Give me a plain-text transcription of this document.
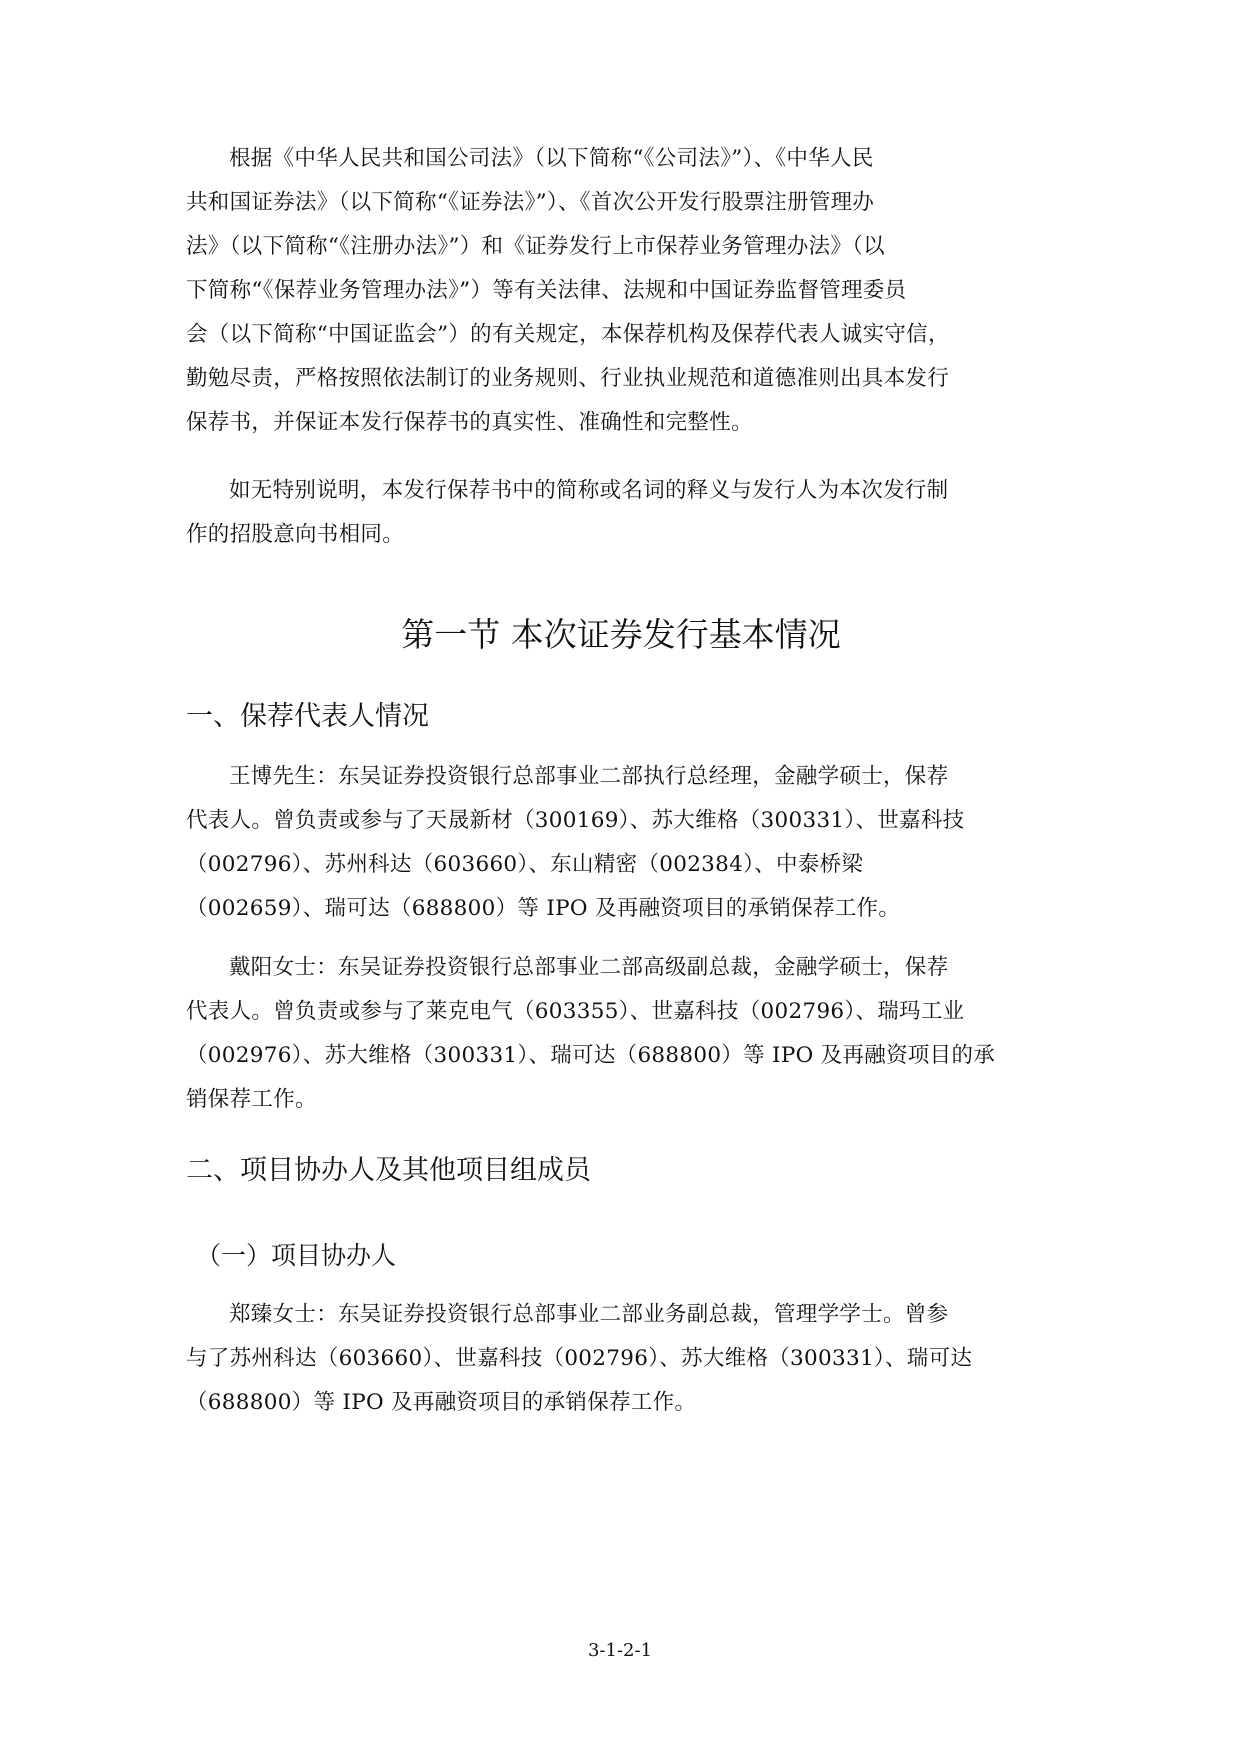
根据《中华人民共和国公司法》（以下简称“《公司法》”）、《中华人民
共和国证券法》（以下简称“《证券法》”）、《首次公开发行股票注册管理办
法》（以下简称“《注册办法》”）和《证券发行上市保荐业务管理办法》（以
下简称“《保荐业务管理办法》”）等有关法律、法规和中国证券监督管理委员
会（以下简称“中国证监会”）的有关规定，本保荐机构及保荐代表人诚实守信，
勤勉尽责，严格按照依法制订的业务规则、行业执业规范和道德准则出具本发行
保荐书，并保证本发行保荐书的真实性、准确性和完整性。
如无特别说明，本发行保荐书中的简称或名词的释义与发行人为本次发行制
作的招股意向书相同。
第一节 本次证券发行基本情况
一、保荐代表人情况
王博先生：东吴证券投资银行总部事业二部执行总经理，金融学硕士，保荐
代表人。曾负责或参与了天晟新材（300169）、苏大维格（300331）、世嘉科技
（002796）、苏州科达（603660）、东山精密（002384）、中泰桥梁
（002659）、瑞可达（688800）等 IPO 及再融资项目的承销保荐工作。
戴阳女士：东吴证券投资银行总部事业二部高级副总裁，金融学硕士，保荐
代表人。曾负责或参与了莱克电气（603355）、世嘉科技（002796）、瑞玛工业
（002976）、苏大维格（300331）、瑞可达（688800）等 IPO 及再融资项目的承
销保荐工作。
二、项目协办人及其他项目组成员
（一）项目协办人
郑臻女士：东吴证券投资银行总部事业二部业务副总裁，管理学学士。曾参
与了苏州科达（603660）、世嘉科技（002796）、苏大维格（300331）、瑞可达
（688800）等 IPO 及再融资项目的承销保荐工作。
3-1-2-1
